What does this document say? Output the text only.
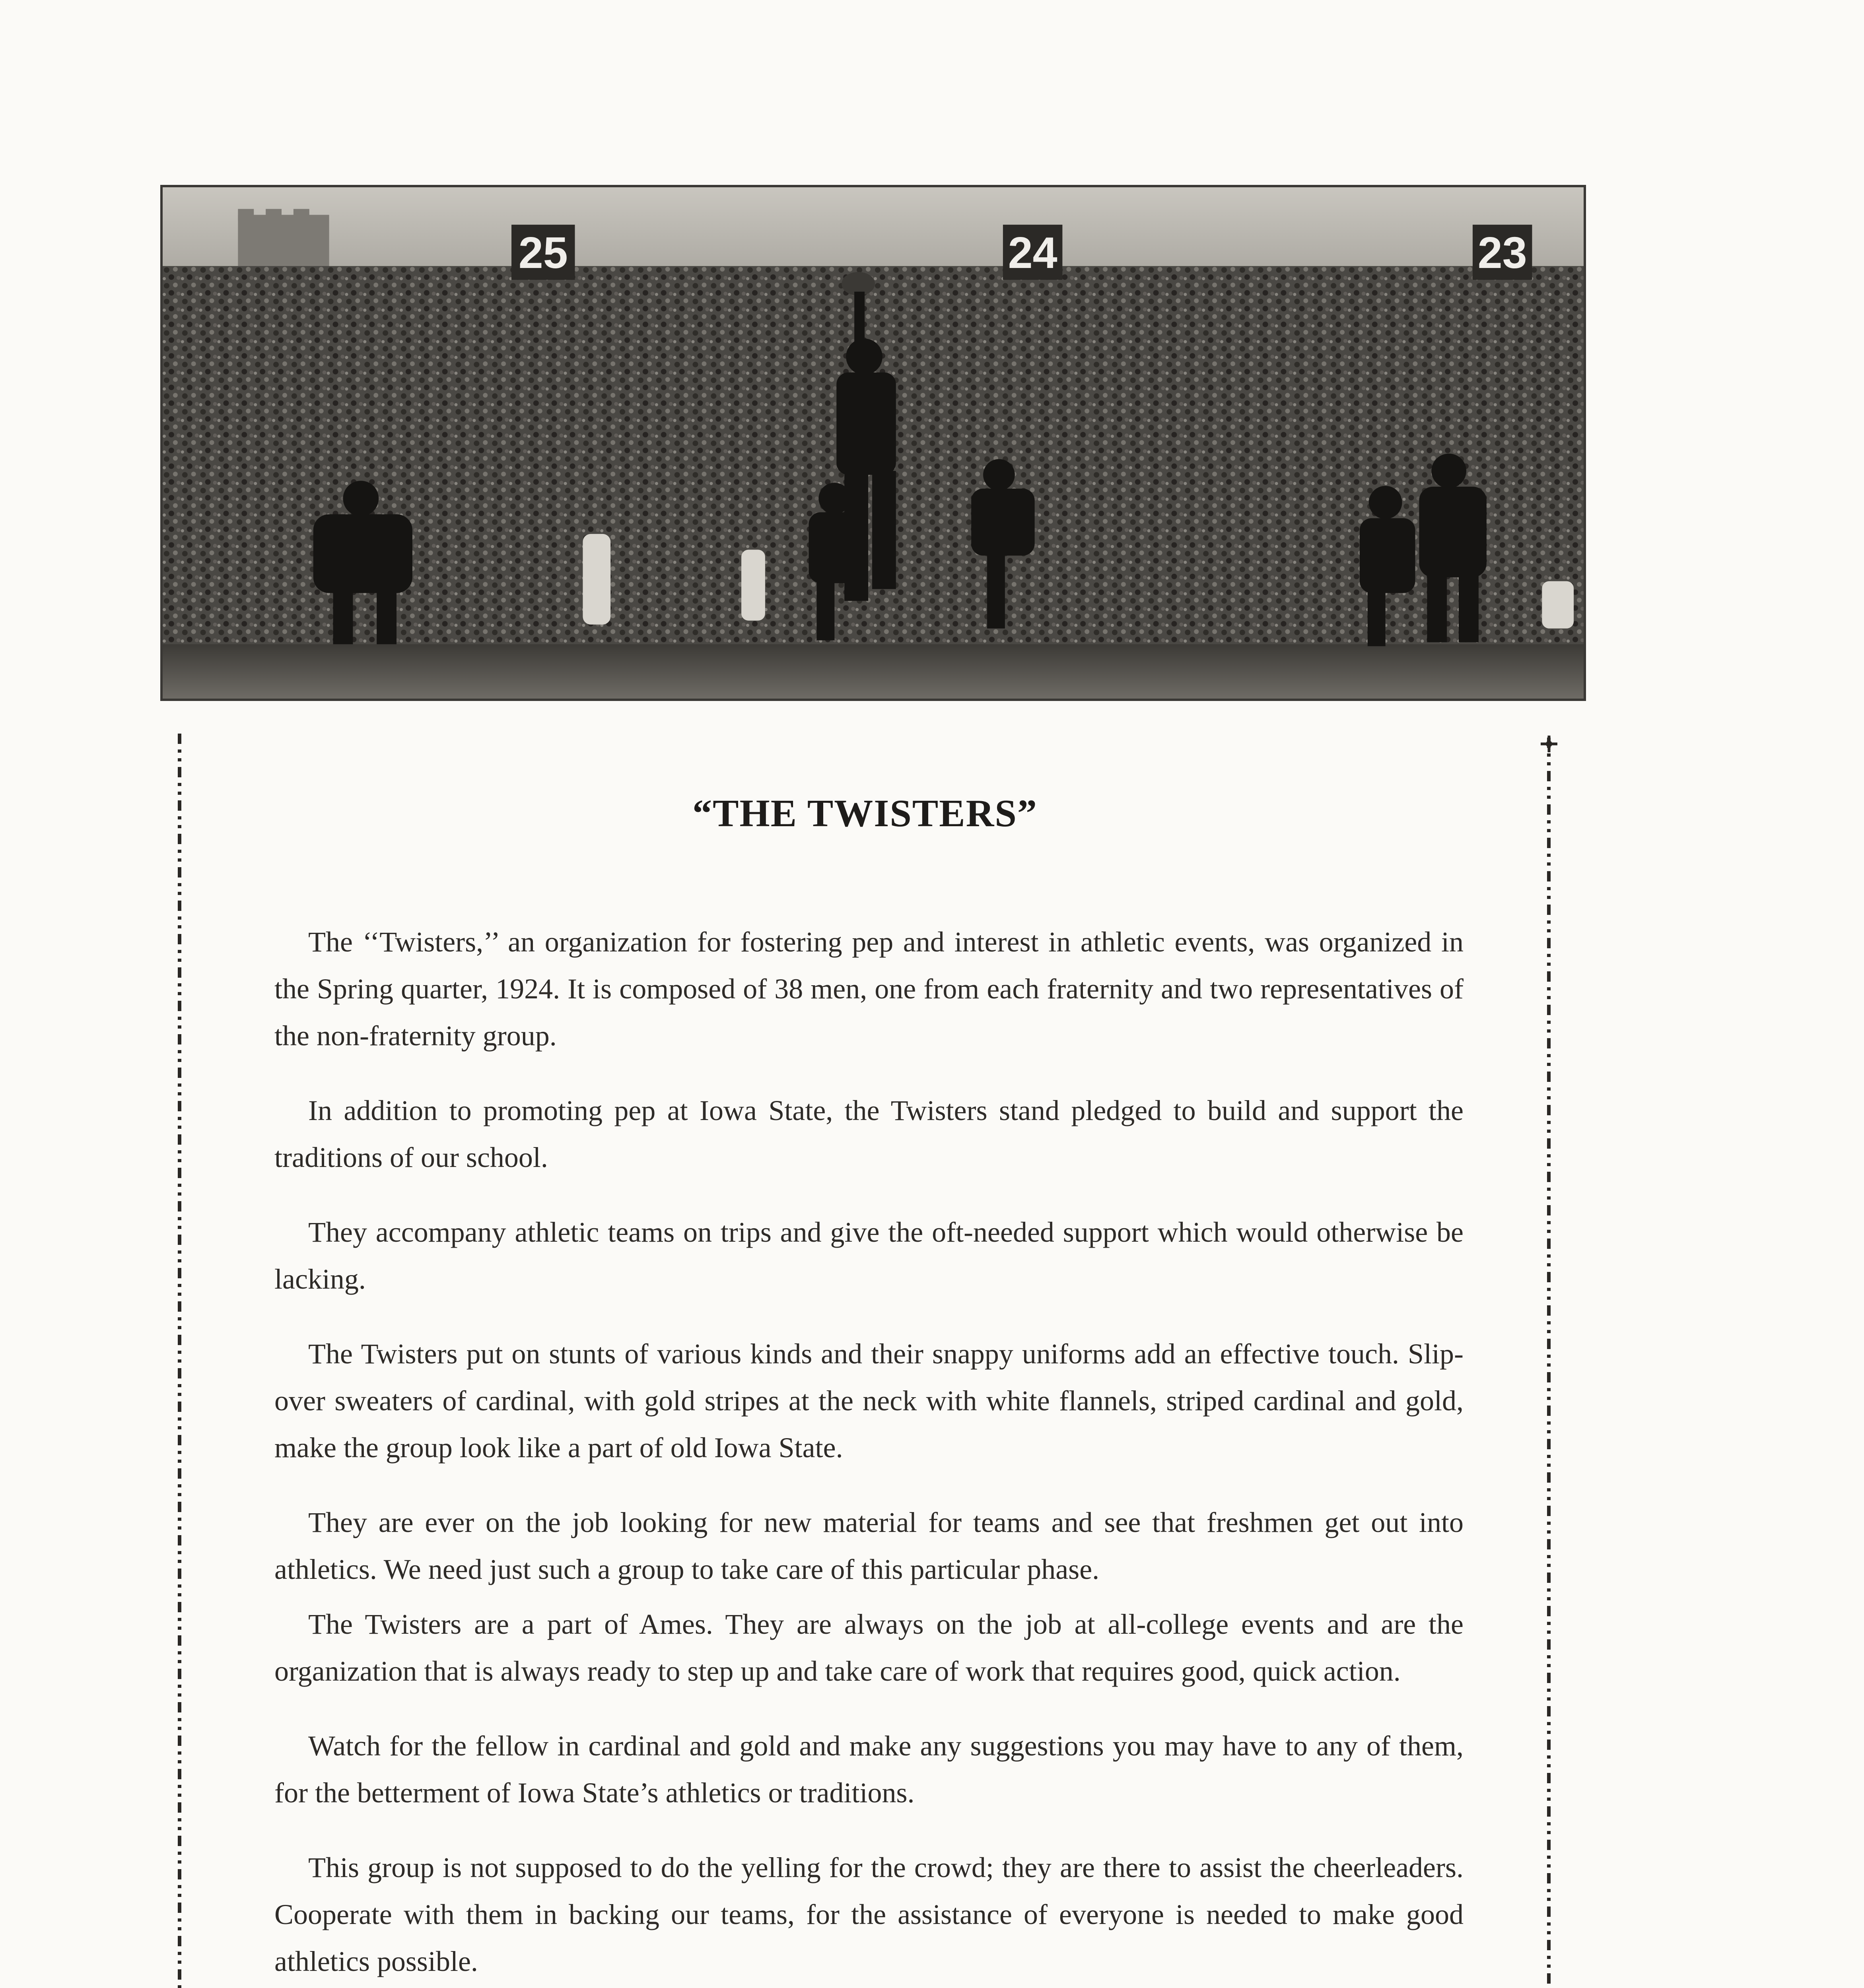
25	24	23
“THE TWISTERS”

The ‘‘Twisters,’’ an organization for fostering pep and interest in athletic events, was organized in the Spring quarter, 1924. It is composed of 38 men, one from each fraternity and two representatives of the non-fraternity group.

In addition to promoting pep at Iowa State, the Twisters stand pledged to build and support the traditions of our school.

They accompany athletic teams on trips and give the oft-needed support which would otherwise be lacking.

The Twisters put on stunts of various kinds and their snappy uniforms add an effective touch. Slip-over sweaters of cardinal, with gold stripes at the neck with white flannels, striped cardinal and gold, make the group look like a part of old Iowa State.

They are ever on the job looking for new material for teams and see that freshmen get out into athletics. We need just such a group to take care of this particular phase.

The Twisters are a part of Ames. They are always on the job at all-college events and are the organization that is always ready to step up and take care of work that requires good, quick action.

Watch for the fellow in cardinal and gold and make any suggestions you may have to any of them, for the betterment of Iowa State’s athletics or traditions.

This group is not supposed to do the yelling for the crowd; they are there to assist the cheerleaders. Cooperate with them in backing our teams, for the assistance of everyone is needed to make good athletics possible.
